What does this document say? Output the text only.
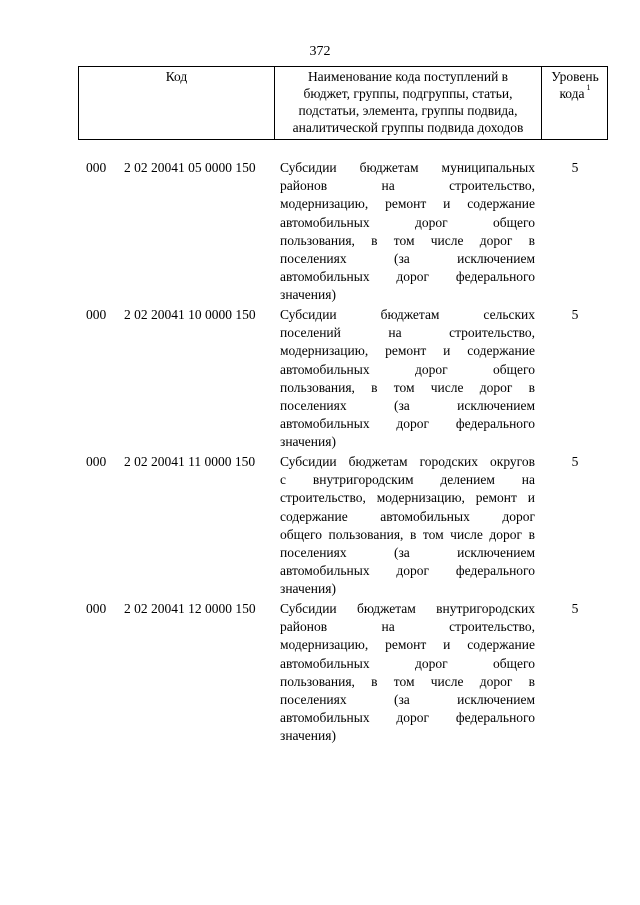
372
Код	Наименование кода поступлений в
бюджет, группы, подгруппы, статьи,
подстатьи, элемента, группы подвида,
аналитической группы подвида доходов
Уровень
кода $^1$
000 2 02 20041 05 0000 150 Субсидии бюджетам муниципальных
районов на строительство,
модернизацию, ремонт и содержание
автомобильных дорог общего
пользования, в том числе дорог в
поселениях (за исключением
автомобильных дорог федерального
значения)
5
000 2 02 20041 10 0000 150 Субсидии бюджетам сельских
поселений на строительство,
модернизацию, ремонт и содержание
автомобильных дорог общего
пользования, в том числе дорог в
поселениях (за исключением
автомобильных дорог федерального
значения)
5
000 2 02 20041 11 0000 150 Субсидии бюджетам городских округов
с внутригородским делением на
строительство, модернизацию, ремонт и
содержание автомобильных дорог
общего пользования, в том числе дорог в
поселениях (за исключением
автомобильных дорог федерального
значения)
5
000 2 02 20041 12 0000 150 Субсидии бюджетам внутригородских
районов на строительство,
модернизацию, ремонт и содержание
автомобильных дорог общего
пользования, в том числе дорог в
поселениях (за исключением
автомобильных дорог федерального
значения)
5
